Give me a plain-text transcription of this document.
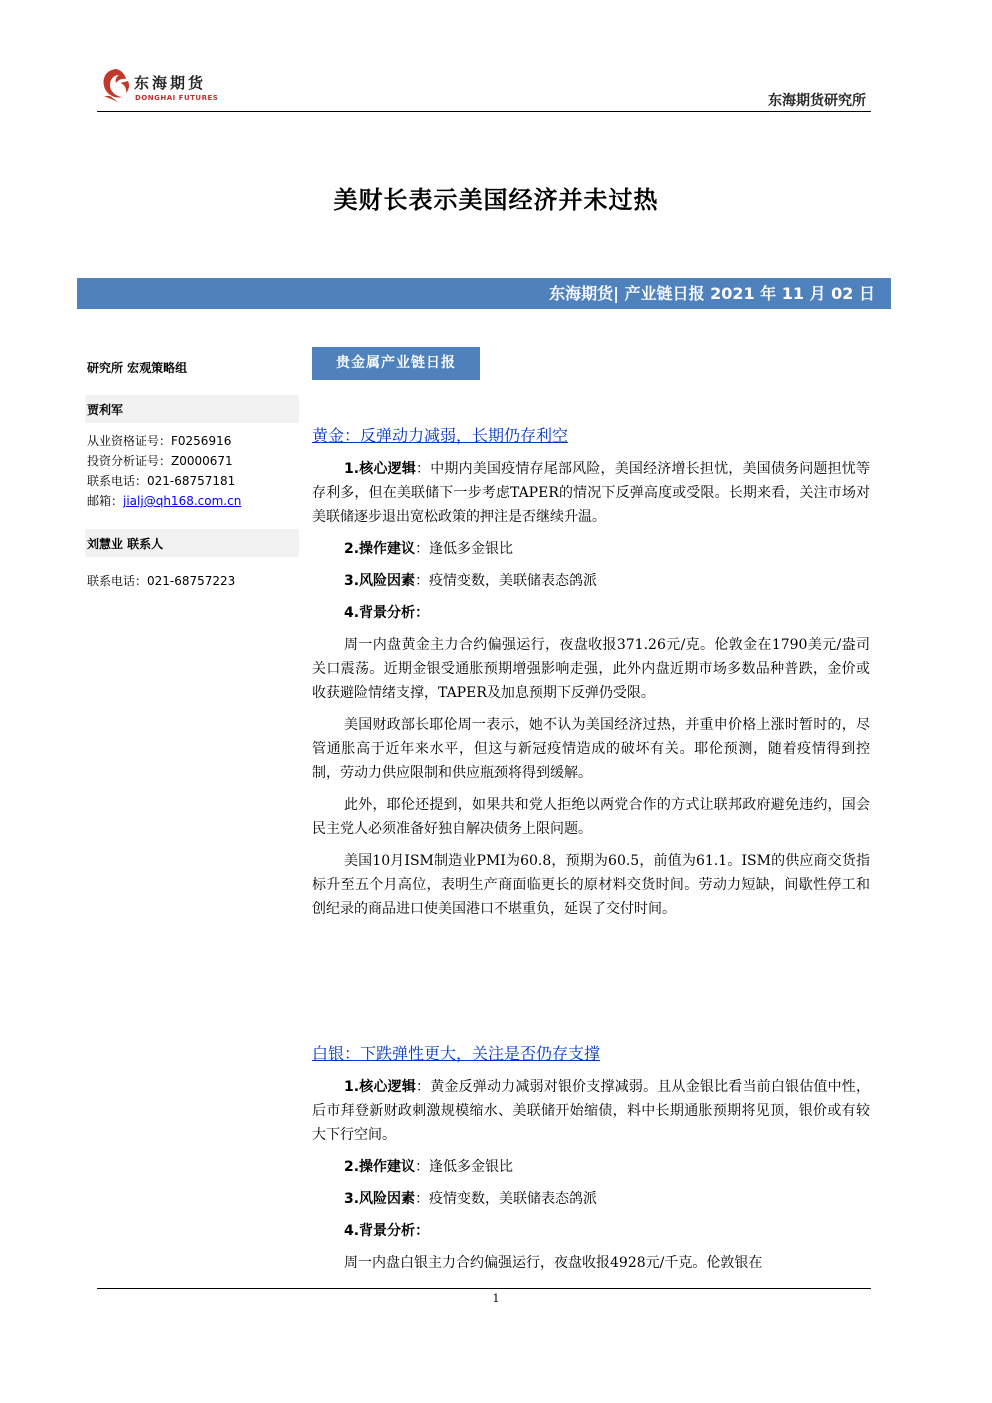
东海期货
DONGHAI FUTURES	东海期货研究所
美财长表示美国经济并未过热
东海期货| 产业链日报 2021 年 11 月 02 日
研究所 宏观策略组
贾利军
从业资格证号：F0256916
投资分析证号：Z0000671
联系电话：021-68757181
邮箱：jialj@qh168.com.cn
刘慧业 联系人
联系电话：021-68757223
贵金属产业链日报
黄金：反弹动力减弱，长期仍存利空

1.核心逻辑：中期内美国疫情存尾部风险，美国经济增长担忧，美国债务问题担忧等存利多，但在美联储下一步考虑TAPER的情况下反弹高度或受限。长期来看，关注市场对美联储逐步退出宽松政策的押注是否继续升温。

2.操作建议：逢低多金银比

3.风险因素：疫情变数，美联储表态鸽派

4.背景分析：

周一内盘黄金主力合约偏强运行，夜盘收报371.26元/克。伦敦金在1790美元/盎司关口震荡。近期金银受通胀预期增强影响走强，此外内盘近期市场多数品种普跌，金价或收获避险情绪支撑，TAPER及加息预期下反弹仍受限。

美国财政部长耶伦周一表示，她不认为美国经济过热，并重申价格上涨时暂时的，尽管通胀高于近年来水平，但这与新冠疫情造成的破坏有关。耶伦预测，随着疫情得到控制，劳动力供应限制和供应瓶颈将得到缓解。

此外，耶伦还提到，如果共和党人拒绝以两党合作的方式让联邦政府避免违约，国会民主党人必须准备好独自解决债务上限问题。

美国10月ISM制造业PMI为60.8，预期为60.5，前值为61.1。ISM的供应商交货指标升至五个月高位，表明生产商面临更长的原材料交货时间。劳动力短缺，间歇性停工和创纪录的商品进口使美国港口不堪重负，延误了交付时间。

白银：下跌弹性更大，关注是否仍存支撑

1.核心逻辑：黄金反弹动力减弱对银价支撑减弱。且从金银比看当前白银估值中性，后市拜登新财政刺激规模缩水、美联储开始缩债，料中长期通胀预期将见顶，银价或有较大下行空间。

2.操作建议：逢低多金银比

3.风险因素：疫情变数，美联储表态鸽派

4.背景分析：

周一内盘白银主力合约偏强运行，夜盘收报4928元/千克。伦敦银在

1
